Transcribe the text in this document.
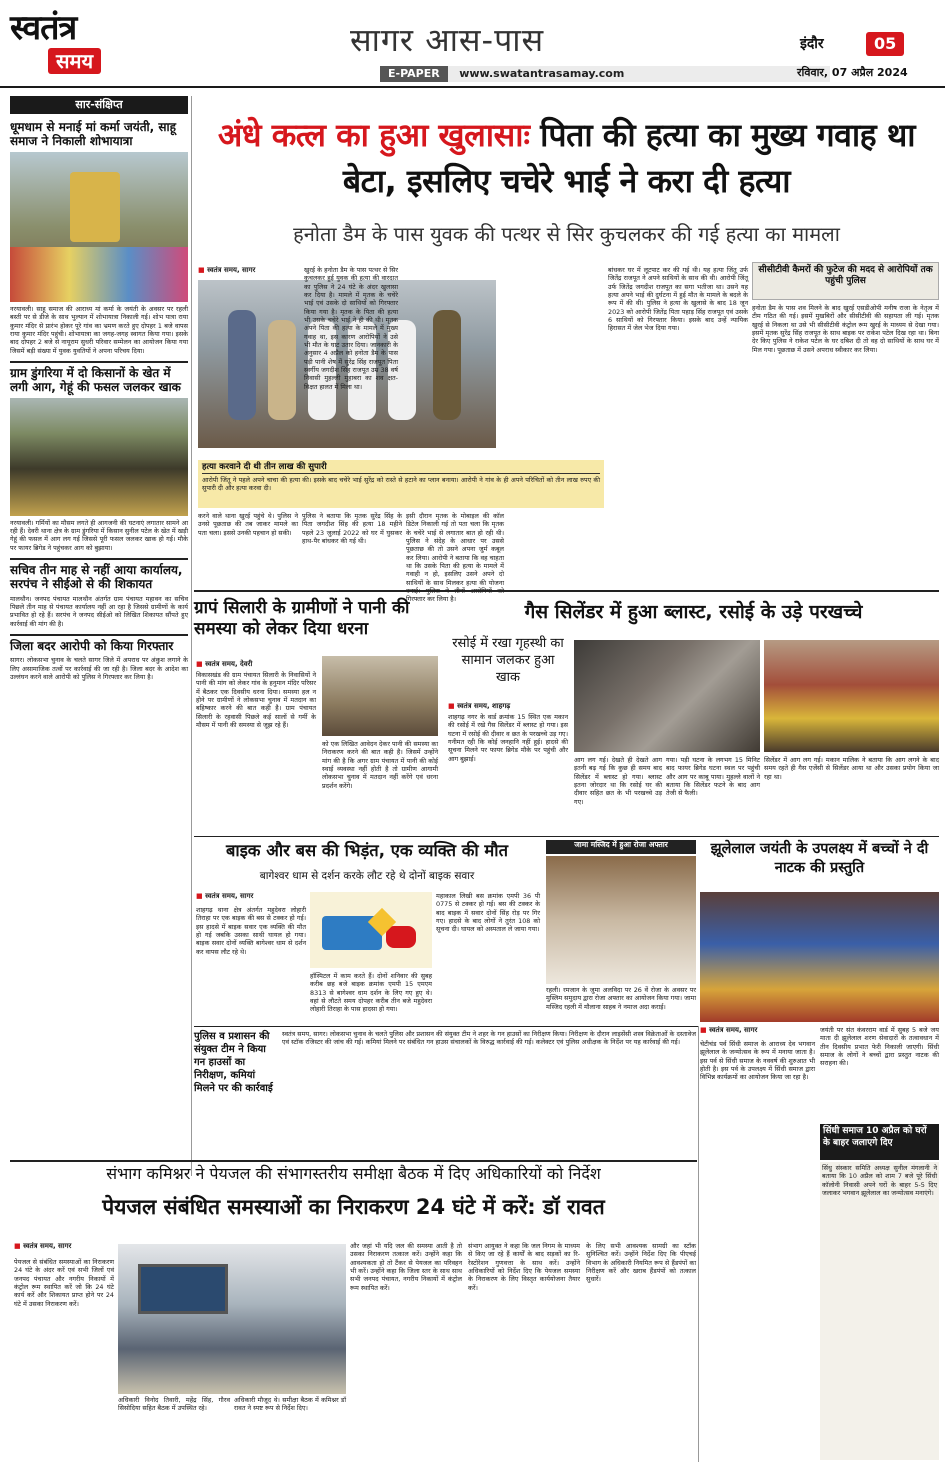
स्वतंत्र
समय
सागर आस-पास
E-PAPER www.swatantrasamay.com
इंदौर	05
रविवार, 07 अप्रैल 2024
सार-संक्षिप्त
धूमधाम से मनाई मां कर्मा जयंती, साहू समाज ने निकाली शोभायात्रा
नरयावली। साहू समाज की आराध्य मां कर्मा के जयंती के अवसर पर रहली बस्ती पर से डीजे के साथ भुल्यान में शोभायात्रा निकाली गई। शोभ यात्रा राया कुमार मंदिर से प्रारंभ होकर पूरे गांव का भ्रमण करते हुए दोपहर 1 बजे वापस राया कुमार मंदिर पहुंची। शोभायात्रा का जगह-जगह स्वागत किया गया। इसके बाद दोपहर 2 बजे से नायूराम सुधरी परिवार सम्मेलन का आयोजन किया गया जिसमें बड़ी संख्या में युवक युवतियों ने अपना परिचय दिया।
ग्राम डुंगरिया में दो किसानों के खेत में लगी आग, गेहूं की फसल जलकर खाक
नरयावली। गर्मियों का मौसम लगते ही आगजनी की घटनाएं लगातार सामने आ रही हैं। देवरी थाना क्षेत्र के ग्राम डुंगरिया में किसान सुनील पटेल के खेत में खड़ी गेहूं की फसल में आग लग गई जिससे पूरी फसल जलकर खाक हो गई। मौके पर फायर ब्रिगेड ने पहुंचकर आग को बुझाया।
सचिव तीन माह से नहीं आया कार्यालय, सरपंच ने सीईओ से की शिकायत
मालथौन। जनपद पंचायत मालथौन अंतर्गत ग्राम पंचायत महावन का सचिव पिछले तीन माह से पंचायत कार्यालय नहीं आ रहा है जिससे ग्रामीणों के कार्य प्रभावित हो रहे हैं। सरपंच ने जनपद सीईओ को लिखित शिकायत सौंपते हुए कार्रवाई की मांग की है।
जिला बदर आरोपी को किया गिरफ्तार
सागर। लोकसभा चुनाव के चलते सागर जिले में अपराध पर अंकुश लगाने के लिए असामाजिक तत्वों पर कार्रवाई की जा रही है। जिला बदर के आदेश का उल्लंघन करने वाले आरोपी को पुलिस ने गिरफ्तार कर लिया है।
अंधे कत्ल का हुआ खुलासाः पिता की हत्या का मुख्य गवाह था बेटा, इसलिए चचेरे भाई ने करा दी हत्या
हनोता डैम के पास युवक की पत्थर से सिर कुचलकर की गई हत्या का मामला
■ स्वतंत्र समय, सागर	खुरई के हनोता डैम के पास पत्थर से सिर कुचलकर हुई युवक की हत्या की वारदात का पुलिस ने 24 घंटे के अंदर खुलासा कर दिया है। मामले में मृतक के चचेरे भाई एवं उसके दो साथियों को गिरफ्तार किया गया है। मृतक के पिता की हत्या भी उसके चचेरे भाई ने ही की थी। मृतक अपने पिता की हत्या के मामले में मुख्य गवाह था, इस कारण आरोपियों ने उसे भी मौत के घाट उतार दिया। जानकारी के अनुसार 4 अप्रैल को हनोता डैम के पास पड़ी पानी शेष में सुरेंद्र सिंह राजपूत पिता स्वर्गीय जगदीश सिंह राजपूत उम्र 38 वर्ष निवासी मुहल्ली मुहाबरा का शव क्षत-विक्षत हालत में मिला था।
हत्या करवाने दी थी तीन लाख की सुपारी
आरोपी जिंतू ने पहले अपने चाचा की हत्या की। इसके बाद चचेरे भाई सुरेंद्र को रास्ते से हटाने का प्लान बनाया। आरोपी ने गांव के ही अपने परिचितों को तीन लाख रुपए की सुपारी दी और हत्या करवा दी।
करने वाले थाना खुरई पहुंचे थे। पुलिस ने उनसे पूछताछ की तब जाकर मामले का पता चला। इससे उनकी पहचान हो सकी।
पुलिस ने बताया कि मृतक सुरेंद्र सिंह के पिता जगदीश सिंह की हत्या 18 महीने पहले 23 जुलाई 2022 को घर में घुसकर हाथ-पैर बांधकर की गई थी।
इसी दौरान मृतक के मोबाइल की कॉल डिटेल निकाली गई तो पता चला कि मृतक के चचेरे भाई से लगातार बात हो रही थी। पुलिस ने संदेह के आधार पर उससे पूछताछ की तो उसने अपना जुर्म कबूल कर लिया। आरोपी ने बताया कि वह चाहता था कि उसके पिता की हत्या के मामले में गवाही न हो, इसलिए उसने अपने दो साथियों के साथ मिलकर हत्या की योजना गिरफ्तार कर लिया है।
बांधकर घर में लूटपाट कर की गई थी। यह हत्या जिंतू उर्फ जितेंद्र राजपूत ने अपने साथियों के साथ की थी। आरोपी जिंतू उर्फ जितेंद्र जगदीश राजपूत का सगा भतीजा था। उसने यह हत्या अपने भाई की दुर्घटना में हुई मौत के मामले के बदले के रूप में की थी। पुलिस ने हत्या के खुलासे के बाद 18 जून 2023 को आरोपी जितेंद्र पिता पहाड़ सिंह राजपूत एवं उसके 6 साथियों को गिरफ्तार किया। इसके बाद उन्हें न्यायिक हिरासत में जेल भेज दिया गया।
सीसीटीवी कैमरों की फुटेज की मदद से आरोपियों तक पहुंची पुलिस
हनोता डैम के पास शव मिलने के बाद खुरई एसडीओपी मनीष राजा के नेतृत्व में टीम गठित की गई। इसमें मुखबिरों और सीसीटीवी की सहायता ली गई। मृतक खुरई से निकला था उसे भी सीसीटीवी कंट्रोल रूम खुरई के माध्यम से देखा गया। इसमें मृतक सुरेंद्र सिंह राजपूत के साथ बाइक पर राकेश पटेल दिख रहा था। बिना देर किए पुलिस ने राकेश पटेल के घर दबिश दी तो वह दो साथियों के साथ घर में मिल गया। पूछताछ में उसने अपराध स्वीकार कर लिया।
ग्रापं सिलारी के ग्रामीणों ने पानी की समस्या को लेकर दिया धरना
■ स्वतंत्र समय, देवरी
विकासखंड की ग्राम पंचायत सिलारी के निवासियों ने पानी की मांग को लेकर गांव के हनुमान मंदिर परिसर में बैठकर एक दिवसीय धरना दिया। समस्या हल न होने पर ग्रामीणों ने लोकसभा चुनाव में मतदान का बहिष्कार करने की बात कही है। ग्राम पंचायत सिलारी के रहवासी पिछले कई सालों से गर्मी के मौसम में पानी की समस्या से जूझ रहे हैं।
को एक लिखित आवेदन देकर पानी की समस्या का निराकरण करने की बात कही है। जिसमें उन्होंने मांग की है कि अगर ग्राम पंचायत में पानी की कोई स्थाई व्यवस्था नहीं होती है तो ग्रामीण आगामी लोकसभा चुनाव में मतदान नहीं करेंगे एवं धरना प्रदर्शन करेंगे।
गैस सिलेंडर में हुआ ब्लास्ट, रसोई के उड़े परखच्चे
रसोई में रखा गृहस्थी का सामान जलकर हुआ खाक
■ स्वतंत्र समय, शाहगढ़
शाहगढ़ नगर के वार्ड क्रमांक 15 स्थित एक मकान की रसोई में रखे गैस सिलेंडर में ब्लास्ट हो गया। इस घटना में रसोई की दीवार व छत के परखच्चे उड़ गए। गनीमत रही कि कोई जनहानि नहीं हुई। हादसे की सूचना मिलने पर फायर ब्रिगेड मौके पर पहुंची और आग बुझाई।	आग लग गई। देखते ही देखते आग इतनी बढ़ गई कि कुछ ही समय बाद सिलेंडर में ब्लास्ट हो गया। ब्लास्ट इतना जोरदार था कि रसोई घर की दीवार सहित छत के भी परखच्चे उड़ गए।
गया। पड़ी घटना के लगभग 15 मिनिट बाद फायर ब्रिगेड घटना स्थल पर पहुंची और आग पर काबू पाया। मुहल्ले वालों ने बताया कि सिलेंडर फटने के बाद आग तेजी से फैली।
सिलेंडर में आग लग गई। मकान मालिक ने बताया कि आग लगने के बाद समय रहते ही गैस एजेंसी से सिलेंडर आया था और उसका प्रयोग किया जा रहा था।
बाइक और बस की भिड़ंत, एक व्यक्ति की मौत
बागेश्वर धाम से दर्शन करके लौट रहे थे दोनों बाइक सवार
■ स्वतंत्र समय, सागर
शाहगढ़ थाना क्षेत्र अंतर्गत महुदेवरा लोहारी तिराहा पर एक बाइक की बस से टक्कर हो गई। इस हादसे में बाइक सवार एक व्यक्ति की मौत हो गई जबकि उसका साथी घायल हो गया। बाइक सवार दोनों व्यक्ति बागेश्वर धाम से दर्शन कर वापस लौट रहे थे।
हॉस्पिटल में काम करते हैं। दोनों शनिवार की सुबह करीब छह बजे बाइक क्रमांक एमपी 15 एमएम 8313 से बागेश्वर धाम दर्शन के लिए गए हुए थे। वहां से लौटते समय दोपहर करीब तीन बजे महुदेवरा लोहारी तिराहा के पास हादसा हो गया।
महाकाल लिखी बस क्रमांक एमपी 36 पी 0775 से टक्कर हो गई। बस की टक्कर के बाद बाइक में सवार दोनों सिंह रोड़ पर गिर गए। हादसे के बाद लोगों ने तुरंत 108 को सूचना दी। घायल को अस्पताल ले जाया गया।
जामा मस्जिद में हुआ रोजा अफ्तार
रहली। रमजान के जुमा अलविदा पर 26 वें रोजा के अवसर पर मुस्लिम समुदाय द्वारा रोजा अफ्तार का आयोजन किया गया। जामा मस्जिद रहली में मौलाना साहब ने नमाज अदा कराई।
झूलेलाल जयंती के उपलक्ष्य में बच्चों ने दी नाटक की प्रस्तुति
पुलिस व प्रशासन की संयुक्त टीम ने किया गन हाउसों का निरीक्षण, कमियां मिलने पर की कार्रवाई
स्वतंत्र समय, सागर। लोकसभा चुनाव के चलते पुलिस और प्रशासन की संयुक्त टीम ने शहर के गन हाउसों का निरीक्षण किया। निरीक्षण के दौरान लाइसेंसी शस्त्र विक्रेताओं के दस्तावेज एवं स्टॉक रजिस्टर की जांच की गई। कमियां मिलने पर संबंधित गन हाउस संचालकों के विरुद्ध कार्रवाई की गई। कलेक्टर एवं पुलिस अधीक्षक के निर्देश पर यह कार्रवाई की गई।
■ स्वतंत्र समय, सागर
चेटीचंड पर्व सिंधी समाज के आराध्य देव भगवान झूलेलाल के जन्मोत्सव के रूप में मनाया जाता है। इस पर्व से सिंधी समाज के नववर्ष की शुरुआत भी होती है। इस पर्व के उपलक्ष्य में सिंधी समाज द्वारा विभिन्न कार्यक्रमों का आयोजन किया जा रहा है।
जयंती पर संत कंवरराम वार्ड में सुबह 5 बजे जय माता दी झूलेलाल शरण सेवादारों के तत्वावधान में तीन दिवसीय प्रभात फेरी निकाली जाएगी। सिंधी समाज के लोगों ने बच्चों द्वारा प्रस्तुत नाटक की सराहना की।
सिंधी समाज 10 अप्रैल को घरों के बाहर जलाएगे दिए
सिंधु संस्कार समिति अध्यक्ष सुनील मंगलानी ने बताया कि 10 अप्रैल को शाम 7 बजे पूरे सिंधी कॉलोनी निवासी अपने घरों के बाहर 5-5 दिए जलाकर भगवान झूलेलाल का जन्मोत्सव मनाएंगे।
संभाग कमिश्नर ने पेयजल की संभागस्तरीय समीक्षा बैठक में दिए अधिकारियों को निर्देश
पेयजल संबंधित समस्याओं का निराकरण 24 घंटे में करें: डॉ रावत
■ स्वतंत्र समय, सागर
पेयजल से संबंधित समस्याओं का निराकरण 24 घंटे के अंदर करें एवं सभी जिलों एवं जनपद पंचायत और नगरीय निकायों में कंट्रोल रूम स्थापित करें जो कि 24 घंटे कार्य करें और शिकायत प्राप्त होने पर 24 घंटे में उसका निराकरण करें।
अधिकारी विनोद तिवारी, महेंद्र सिंह, गौरव सिसोदिया सहित बैठक में उपस्थित रहे।
अधिकारी मौजूद थे। समीक्षा बैठक में कमिश्नर डॉ रावत ने स्पष्ट रूप से निर्देश दिए।
और जहां भी यदि जल की समस्या आती है तो उसका निराकरण तत्काल करें। उन्होंने कहा कि आवश्यकता हो तो टैंकर से पेयजल का परिवहन भी करें। उन्होंने कहा कि जिला स्तर के साथ साथ सभी जनपद पंचायत, नगरीय निकायों में कंट्रोल रूम स्थापित करें।
संभाग आयुक्त ने कहा कि जल निगम के माध्यम से किए जा रहे हैं कार्यों के बाद सड़कों का रि-रेस्टोरेशन गुणवत्ता के साथ करें। उन्होंने अधिकारियों को निर्देश दिए कि पेयजल समस्या के निराकरण के लिए विस्तृत कार्ययोजना तैयार करें।
के लिए सभी आवश्यक सामग्री का स्टॉक सुनिश्चित करें। उन्होंने निर्देश दिए कि पीएचई विभाग के अधिकारी नियमित रूप से हैंडपंपों का निरीक्षण करें और खराब हैंडपंपों को तत्काल सुधारें।
